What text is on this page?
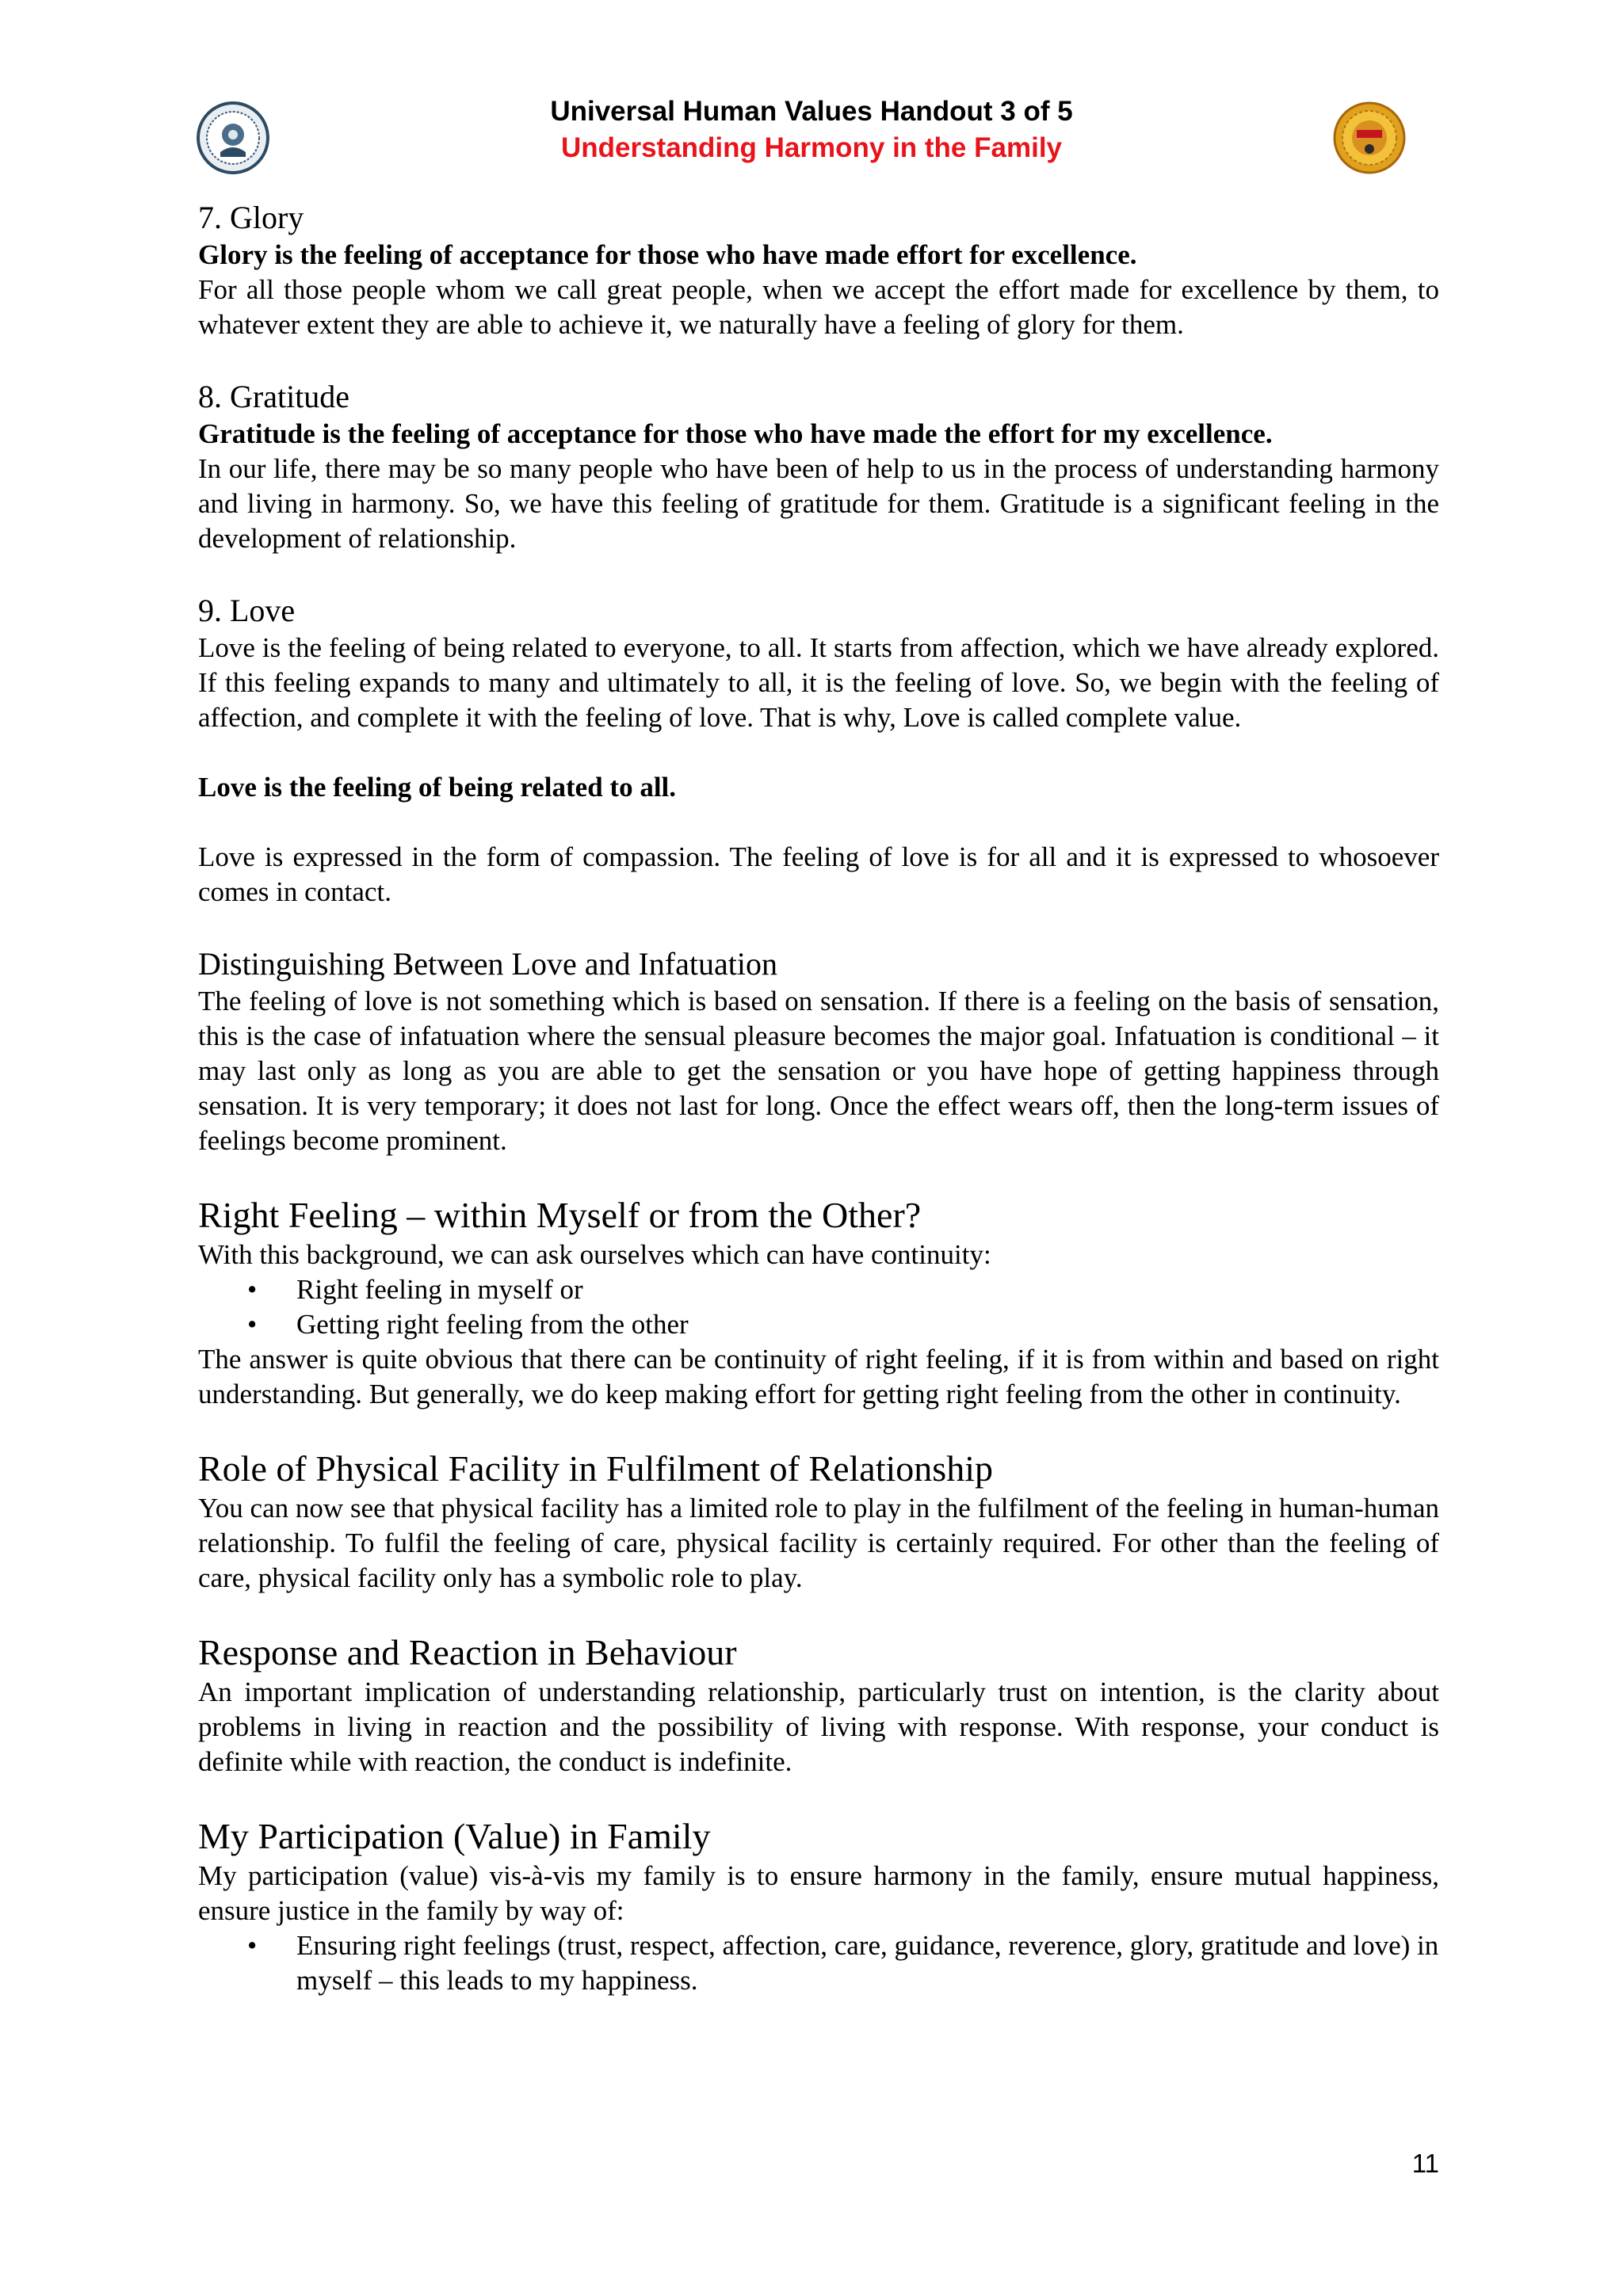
Universal Human Values Handout 3 of 5
Understanding Harmony in the Family
7. Glory

Glory is the feeling of acceptance for those who have made effort for excellence.

For all those people whom we call great people, when we accept the effort made for excellence by them, to whatever extent they are able to achieve it, we naturally have a feeling of glory for them.

8. Gratitude

Gratitude is the feeling of acceptance for those who have made the effort for my excellence.

In our life, there may be so many people who have been of help to us in the process of understanding harmony and living in harmony. So, we have this feeling of gratitude for them. Gratitude is a significant feeling in the development of relationship.

9. Love

Love is the feeling of being related to everyone, to all. It starts from affection, which we have already explored. If this feeling expands to many and ultimately to all, it is the feeling of love. So, we begin with the feeling of affection, and complete it with the feeling of love. That is why, Love is called complete value.

Love is the feeling of being related to all.

Love is expressed in the form of compassion. The feeling of love is for all and it is expressed to whosoever comes in contact.

Distinguishing Between Love and Infatuation

The feeling of love is not something which is based on sensation. If there is a feeling on the basis of sensation, this is the case of infatuation where the sensual pleasure becomes the major goal. Infatuation is conditional – it may last only as long as you are able to get the sensation or you have hope of getting happiness through sensation. It is very temporary; it does not last for long. Once the effect wears off, then the long-term issues of feelings become prominent.

Right Feeling – within Myself or from the Other?

With this background, we can ask ourselves which can have continuity:

• Right feeling in myself or
• Getting right feeling from the other

The answer is quite obvious that there can be continuity of right feeling, if it is from within and based on right understanding. But generally, we do keep making effort for getting right feeling from the other in continuity.

Role of Physical Facility in Fulfilment of Relationship

You can now see that physical facility has a limited role to play in the fulfilment of the feeling in human-human relationship. To fulfil the feeling of care, physical facility is certainly required. For other than the feeling of care, physical facility only has a symbolic role to play.

Response and Reaction in Behaviour

An important implication of understanding relationship, particularly trust on intention, is the clarity about problems in living in reaction and the possibility of living with response. With response, your conduct is definite while with reaction, the conduct is indefinite.

My Participation (Value) in Family

My participation (value) vis-à-vis my family is to ensure harmony in the family, ensure mutual happiness, ensure justice in the family by way of:

• Ensuring right feelings (trust, respect, affection, care, guidance, reverence, glory, gratitude and love) in myself – this leads to my happiness.
11
